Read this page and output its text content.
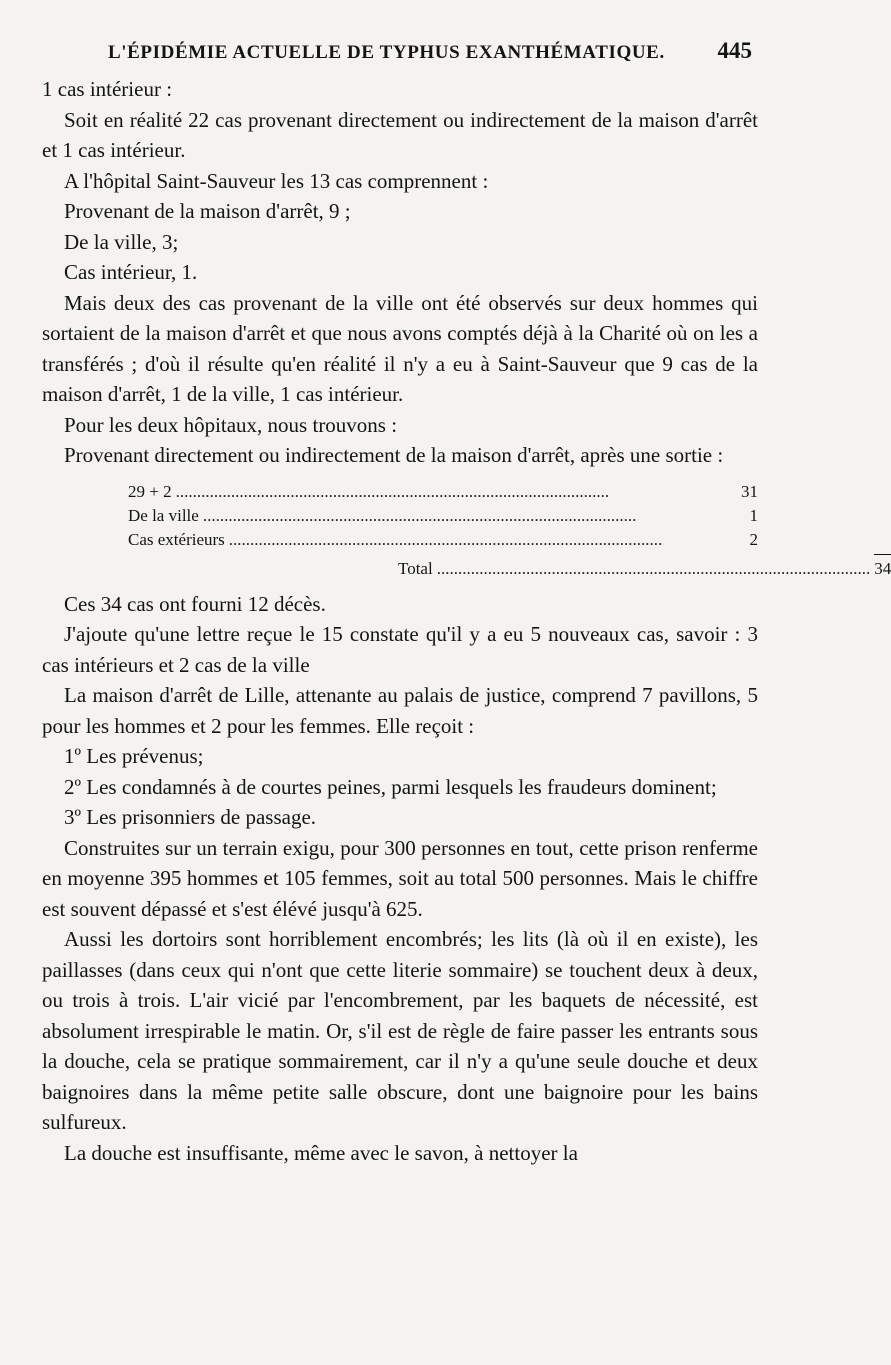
L'ÉPIDÉMIE ACTUELLE DE TYPHUS EXANTHÉMATIQUE. 445

1 cas intérieur :

Soit en réalité 22 cas provenant directement ou indirectement de la maison d'arrêt et 1 cas intérieur.

A l'hôpital Saint-Sauveur les 13 cas comprennent :

Provenant de la maison d'arrêt, 9 ;

De la ville, 3;

Cas intérieur, 1.

Mais deux des cas provenant de la ville ont été observés sur deux hommes qui sortaient de la maison d'arrêt et que nous avons comptés déjà à la Charité où on les a transférés ; d'où il résulte qu'en réalité il n'y a eu à Saint-Sauveur que 9 cas de la maison d'arrêt, 1 de la ville, 1 cas intérieur.

Pour les deux hôpitaux, nous trouvons :

Provenant directement ou indirectement de la maison d'arrêt, après une sortie :

29 + 2 ......................................................................................................	31
De la ville ......................................................................................................	1
Cas extérieurs ......................................................................................................	2
Total ...................................................................................................... 34

Ces 34 cas ont fourni 12 décès.

J'ajoute qu'une lettre reçue le 15 constate qu'il y a eu 5 nouveaux cas, savoir : 3 cas intérieurs et 2 cas de la ville

La maison d'arrêt de Lille, attenante au palais de justice, comprend 7 pavillons, 5 pour les hommes et 2 pour les femmes. Elle reçoit :

1º Les prévenus;

2º Les condamnés à de courtes peines, parmi lesquels les fraudeurs dominent;

3º Les prisonniers de passage.

Construites sur un terrain exigu, pour 300 personnes en tout, cette prison renferme en moyenne 395 hommes et 105 femmes, soit au total 500 personnes. Mais le chiffre est souvent dépassé et s'est élévé jusqu'à 625.

Aussi les dortoirs sont horriblement encombrés; les lits (là où il en existe), les paillasses (dans ceux qui n'ont que cette literie sommaire) se touchent deux à deux, ou trois à trois. L'air vicié par l'encombrement, par les baquets de nécessité, est absolument irrespirable le matin. Or, s'il est de règle de faire passer les entrants sous la douche, cela se pratique sommairement, car il n'y a qu'une seule douche et deux baignoires dans la même petite salle obscure, dont une baignoire pour les bains sulfureux.

La douche est insuffisante, même avec le savon, à nettoyer la
